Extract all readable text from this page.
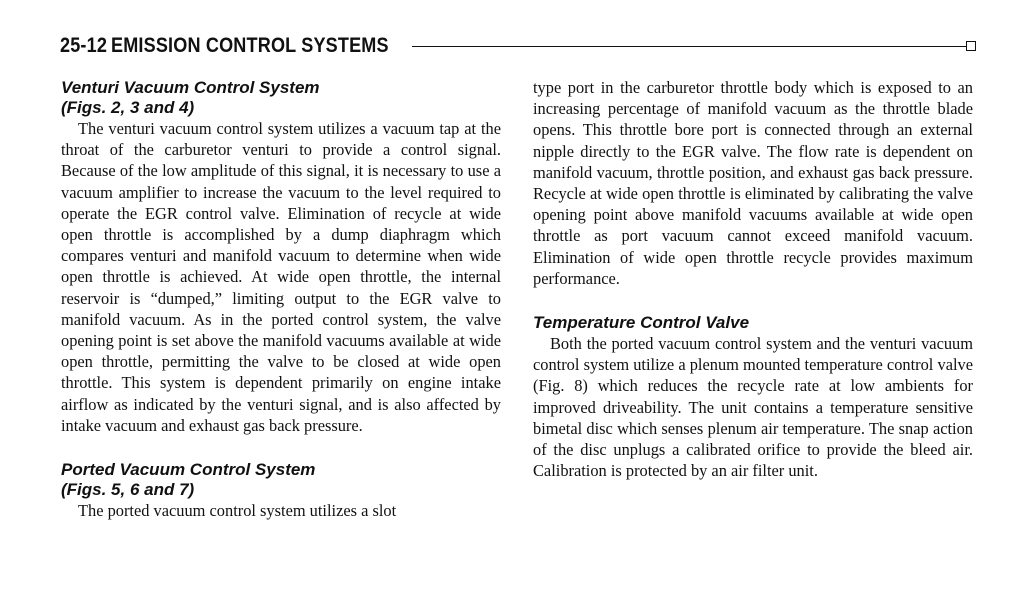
25-12 EMISSION CONTROL SYSTEMS
Venturi Vacuum Control System
(Figs. 2, 3 and 4)

The venturi vacuum control system utilizes a vacuum tap at the throat of the carburetor venturi to provide a control signal. Because of the low amplitude of this signal, it is necessary to use a vacuum amplifier to increase the vacuum to the level required to operate the EGR control valve. Elimination of recycle at wide open throttle is accomplished by a dump diaphragm which compares venturi and manifold vacuum to determine when wide open throttle is achieved. At wide open throttle, the internal reservoir is “dumped,” limiting output to the EGR valve to manifold vacuum. As in the ported control system, the valve opening point is set above the manifold vacuums available at wide open throttle, permitting the valve to be closed at wide open throttle. This system is dependent primarily on engine intake airflow as indicated by the venturi signal, and is also affected by intake vacuum and exhaust gas back pressure.

Ported Vacuum Control System
(Figs. 5, 6 and 7)

The ported vacuum control system utilizes a slot

type port in the carburetor throttle body which is exposed to an increasing percentage of manifold vacuum as the throttle blade opens. This throttle bore port is connected through an external nipple directly to the EGR valve. The flow rate is dependent on manifold vacuum, throttle position, and exhaust gas back pressure. Recycle at wide open throttle is eliminated by calibrating the valve opening point above manifold vacuums available at wide open throttle as port vacuum cannot exceed manifold vacuum. Elimination of wide open throttle recycle provides maximum performance.

Temperature Control Valve

Both the ported vacuum control system and the venturi vacuum control system utilize a plenum mounted temperature control valve (Fig. 8) which reduces the recycle rate at low ambients for improved driveability. The unit contains a temperature sensitive bimetal disc which senses plenum air temperature. The snap action of the disc unplugs a calibrated orifice to provide the bleed air. Calibration is protected by an air filter unit.
